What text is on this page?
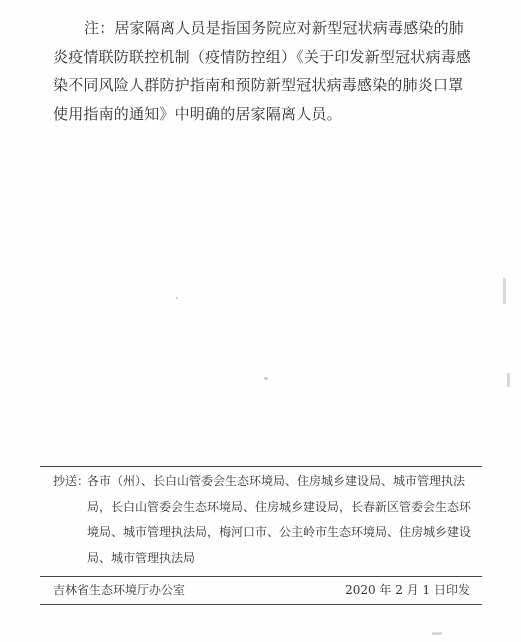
注：居家隔离人员是指国务院应对新型冠状病毒感染的肺炎疫情联防联控机制（疫情防控组）《关于印发新型冠状病毒感染不同风险人群防护指南和预防新型冠状病毒感染的肺炎口罩使用指南的通知》中明确的居家隔离人员。

抄送：
各市（州）、长白山管委会生态环境局、住房城乡建设局、城市管理执法局，长白山管委会生态环境局、住房城乡建设局，长春新区管委会生态环境局、城市管理执法局，梅河口市、公主岭市生态环境局、住房城乡建设局、城市管理执法局
吉林省生态环境厅办公室	2020 年 2 月 1 日印发
